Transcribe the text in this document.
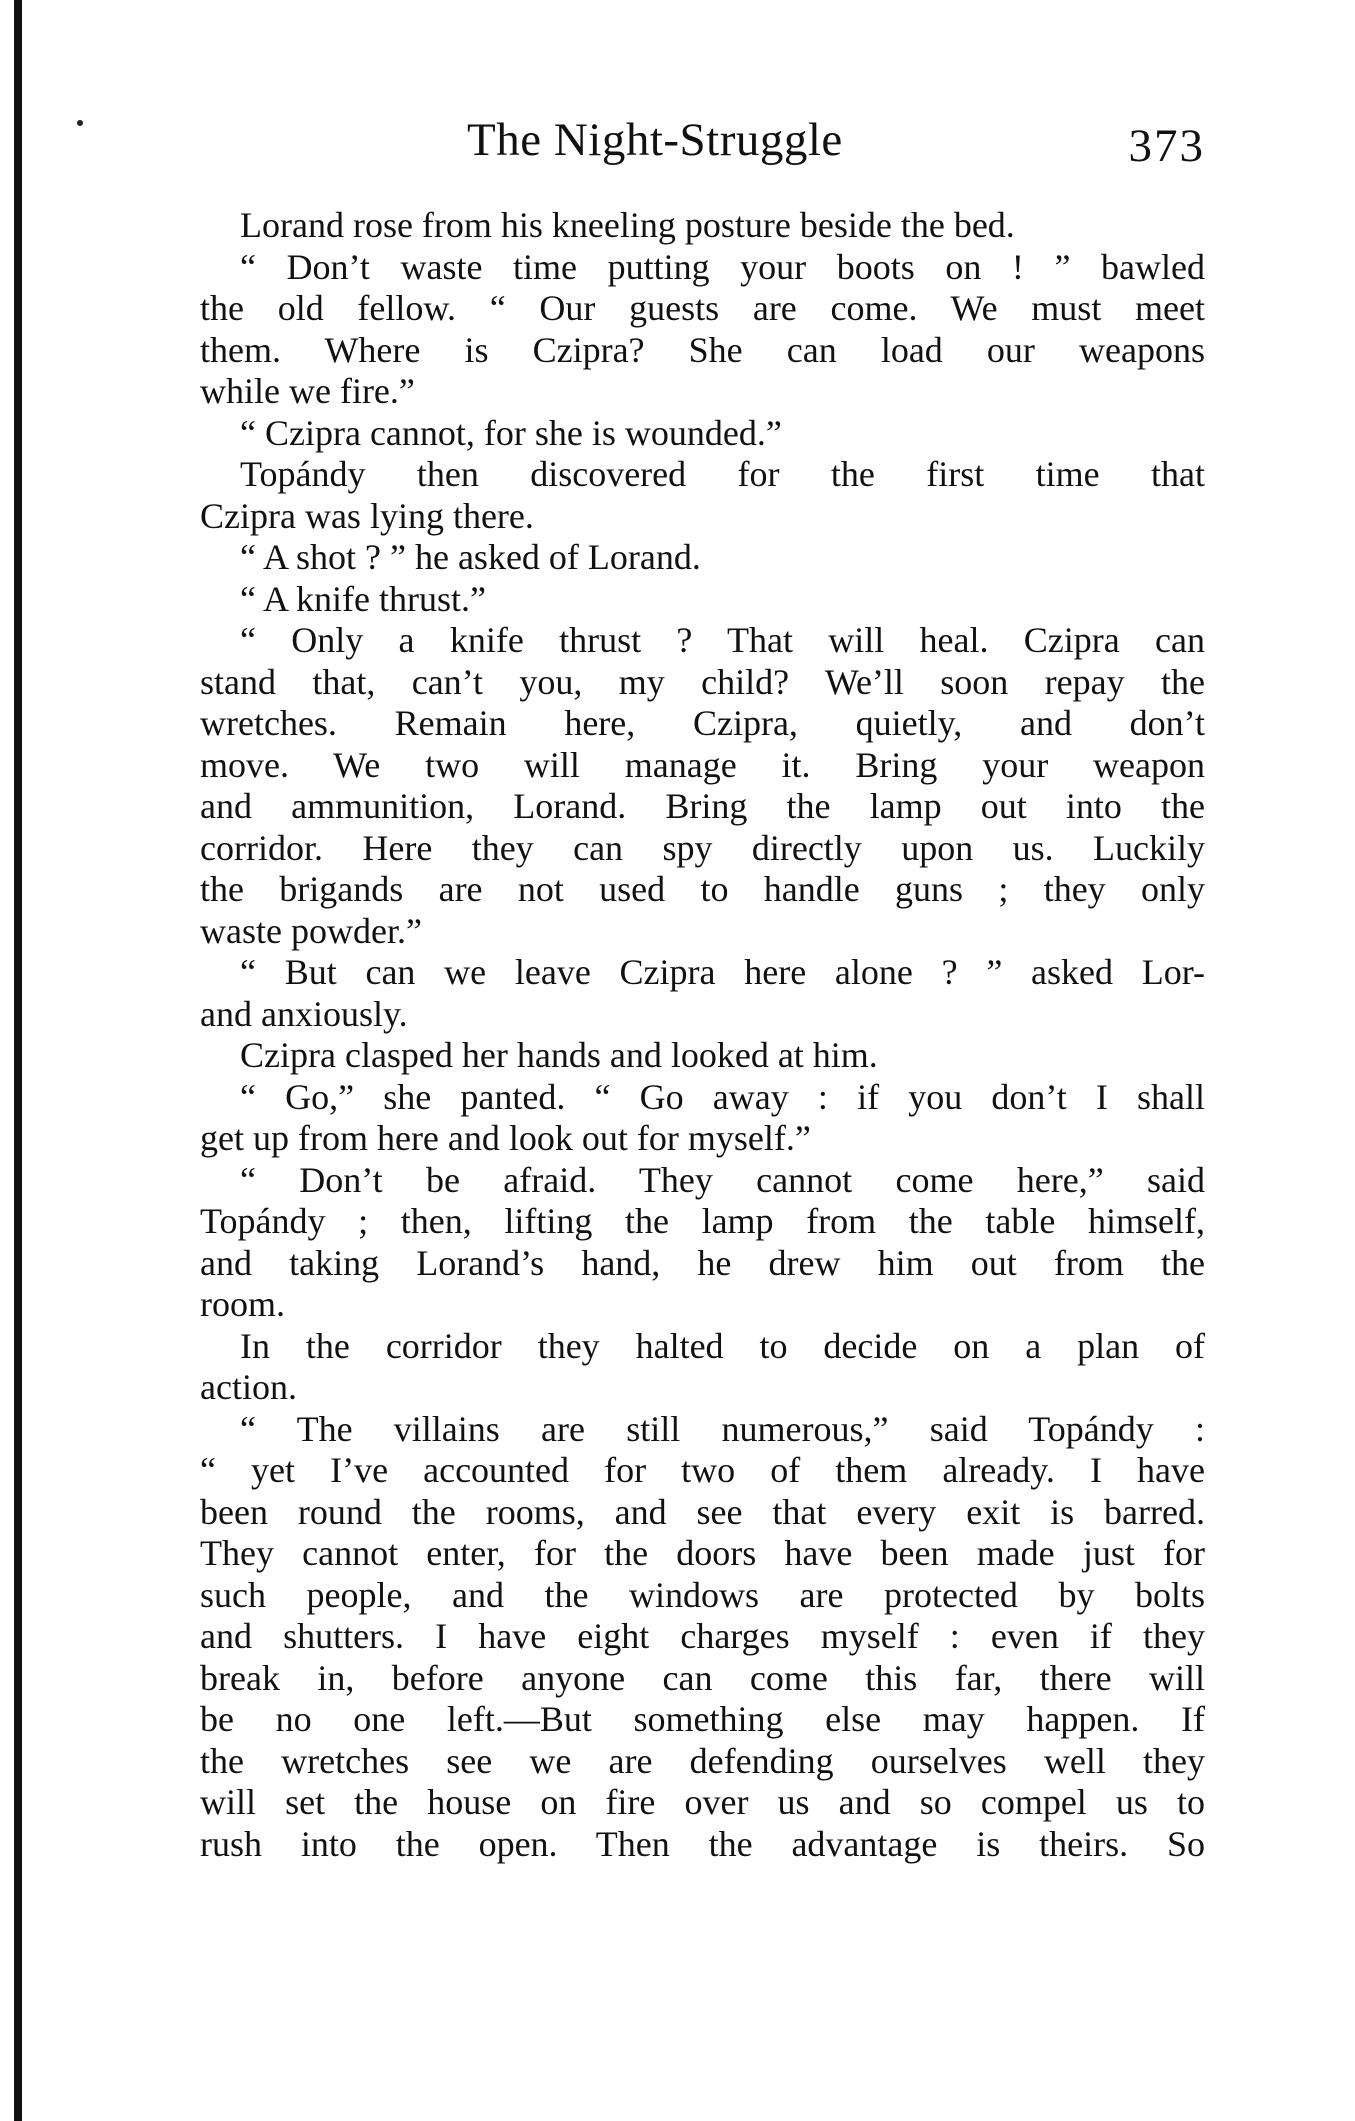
The Night-Struggle	373
Lorand rose from his kneeling posture beside the bed.
“ Don’t waste time putting your boots on ! ” bawled
the old fellow. “ Our guests are come. We must meet
them. Where is Czipra? She can load our weapons
while we fire.”
“ Czipra cannot, for she is wounded.”
Topándy then discovered for the first time that
Czipra was lying there.
“ A shot ? ” he asked of Lorand.
“ A knife thrust.”
“ Only a knife thrust ? That will heal. Czipra can
stand that, can’t you, my child? We’ll soon repay the
wretches. Remain here, Czipra, quietly, and don’t
move. We two will manage it. Bring your weapon
and ammunition, Lorand. Bring the lamp out into the
corridor. Here they can spy directly upon us. Luckily
the brigands are not used to handle guns ; they only
waste powder.”
“ But can we leave Czipra here alone ? ” asked Lor-
and anxiously.
Czipra clasped her hands and looked at him.
“ Go,” she panted. “ Go away : if you don’t I shall
get up from here and look out for myself.”
“ Don’t be afraid. They cannot come here,” said
Topándy ; then, lifting the lamp from the table himself,
and taking Lorand’s hand, he drew him out from the
room.
In the corridor they halted to decide on a plan of
action.
“ The villains are still numerous,” said Topándy :
“ yet I’ve accounted for two of them already. I have
been round the rooms, and see that every exit is barred.
They cannot enter, for the doors have been made just for
such people, and the windows are protected by bolts
and shutters. I have eight charges myself : even if they
break in, before anyone can come this far, there will
be no one left.—But something else may happen. If
the wretches see we are defending ourselves well they
will set the house on fire over us and so compel us to
rush into the open. Then the advantage is theirs. So
